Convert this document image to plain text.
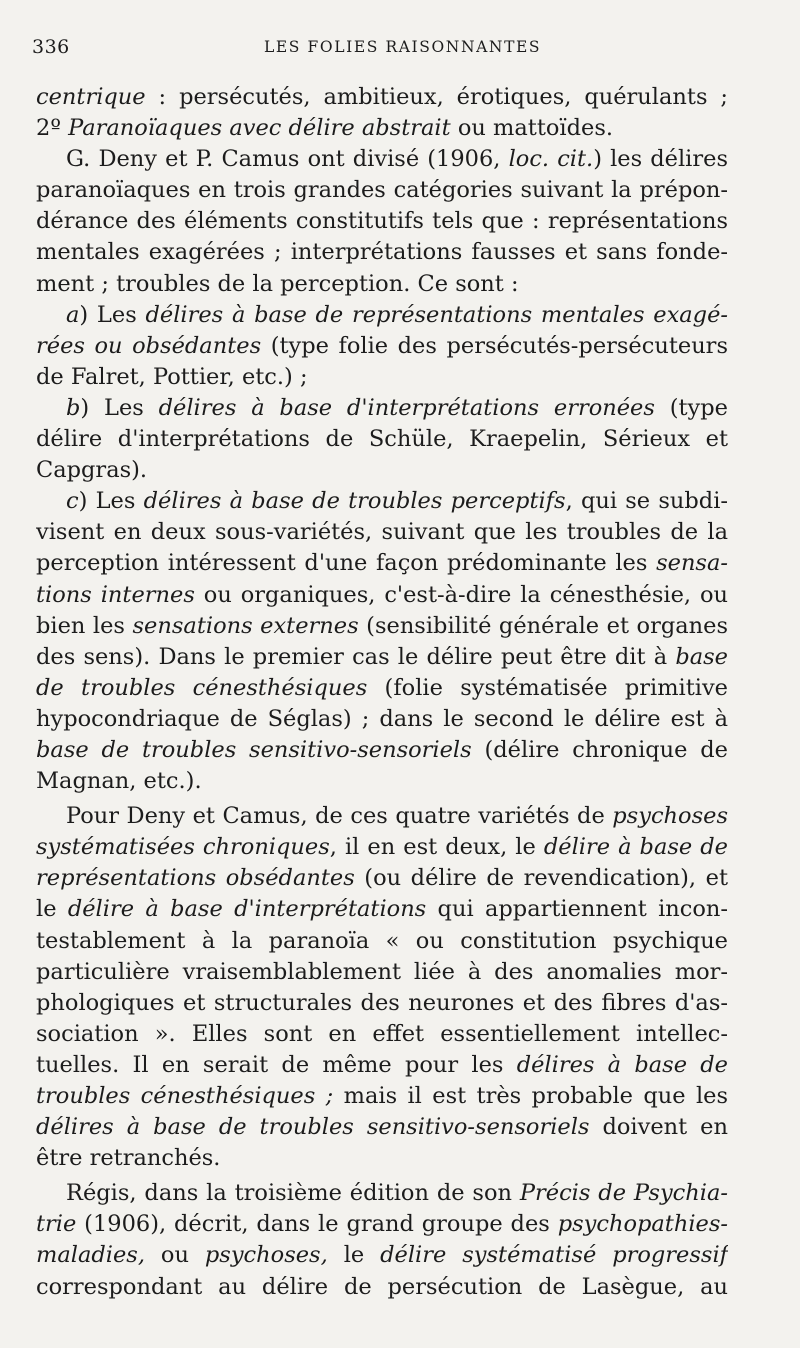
336	LES FOLIES RAISONNANTES
centrique : persécutés, ambitieux, érotiques, quérulants ;
2º Paranoïaques avec délire abstrait ou mattoïdes.
G. Deny et P. Camus ont divisé (1906, loc. cit.) les délires
paranoïaques en trois grandes catégories suivant la prépon-
dérance des éléments constitutifs tels que : représentations
mentales exagérées ; interprétations fausses et sans fonde-
ment ; troubles de la perception. Ce sont :
a) Les délires à base de représentations mentales exagé-
rées ou obsédantes (type folie des persécutés-persécuteurs
de Falret, Pottier, etc.) ;
b) Les délires à base d'interprétations erronées (type
délire d'interprétations de Schüle, Kraepelin, Sérieux et
Capgras).
c) Les délires à base de troubles perceptifs, qui se subdi-
visent en deux sous-variétés, suivant que les troubles de la
perception intéressent d'une façon prédominante les sensa-
tions internes ou organiques, c'est-à-dire la cénesthésie, ou
bien les sensations externes (sensibilité générale et organes
des sens). Dans le premier cas le délire peut être dit à base
de troubles cénesthésiques (folie systématisée primitive
hypocondriaque de Séglas) ; dans le second le délire est à
base de troubles sensitivo-sensoriels (délire chronique de
Magnan, etc.).
Pour Deny et Camus, de ces quatre variétés de psychoses
systématisées chroniques, il en est deux, le délire à base de
représentations obsédantes (ou délire de revendication), et
le délire à base d'interprétations qui appartiennent incon-
testablement à la paranoïa « ou constitution psychique
particulière vraisemblablement liée à des anomalies mor-
phologiques et structurales des neurones et des fibres d'as-
sociation ». Elles sont en effet essentiellement intellec-
tuelles. Il en serait de même pour les délires à base de
troubles cénesthésiques ; mais il est très probable que les
délires à base de troubles sensitivo-sensoriels doivent en
être retranchés.
Régis, dans la troisième édition de son Précis de Psychia-
trie (1906), décrit, dans le grand groupe des psychopathies-
maladies, ou psychoses, le délire systématisé progressif
correspondant au délire de persécution de Lasègue, au
